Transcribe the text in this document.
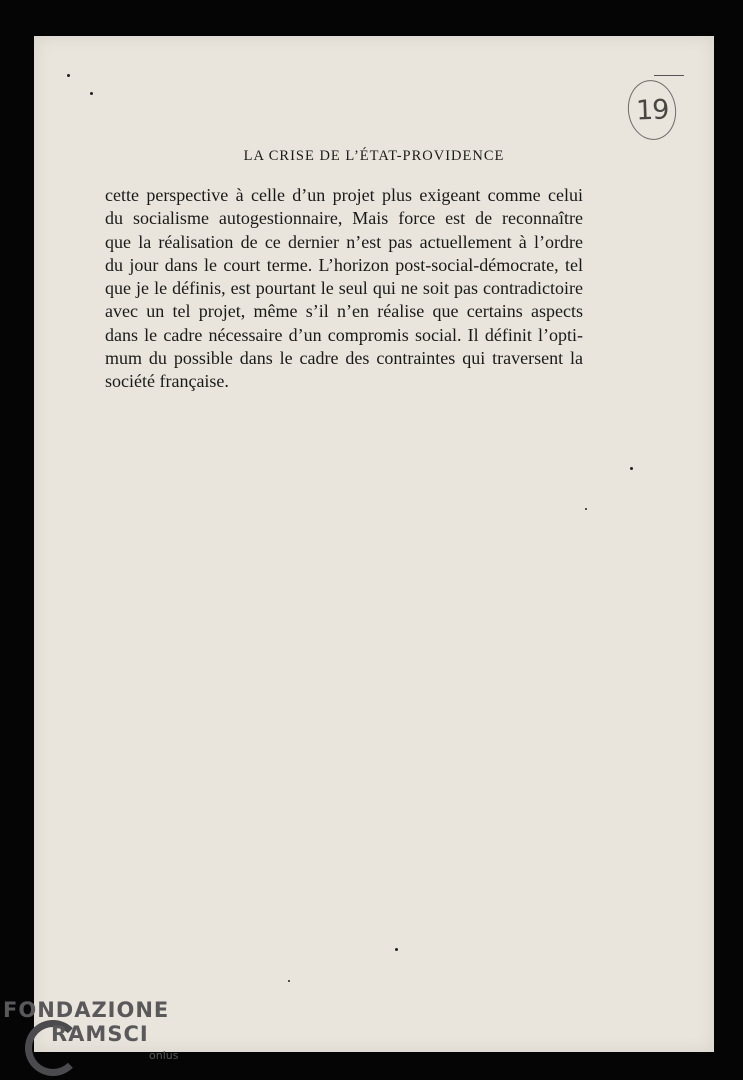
19
LA CRISE DE L’ÉTAT-PROVIDENCE
cette perspective à celle d’un projet plus exigeant comme celui
du socialisme autogestionnaire, Mais force est de reconnaître
que la réalisation de ce dernier n’est pas actuellement à l’ordre
du jour dans le court terme. L’horizon post-social-démocrate, tel
que je le définis, est pourtant le seul qui ne soit pas contradictoire
avec un tel projet, même s’il n’en réalise que certains aspects
dans le cadre nécessaire d’un compromis social. Il définit l’opti-
mum du possible dans le cadre des contraintes qui traversent la
société française.
FONDAZIONE
RAMSCI
onlus
